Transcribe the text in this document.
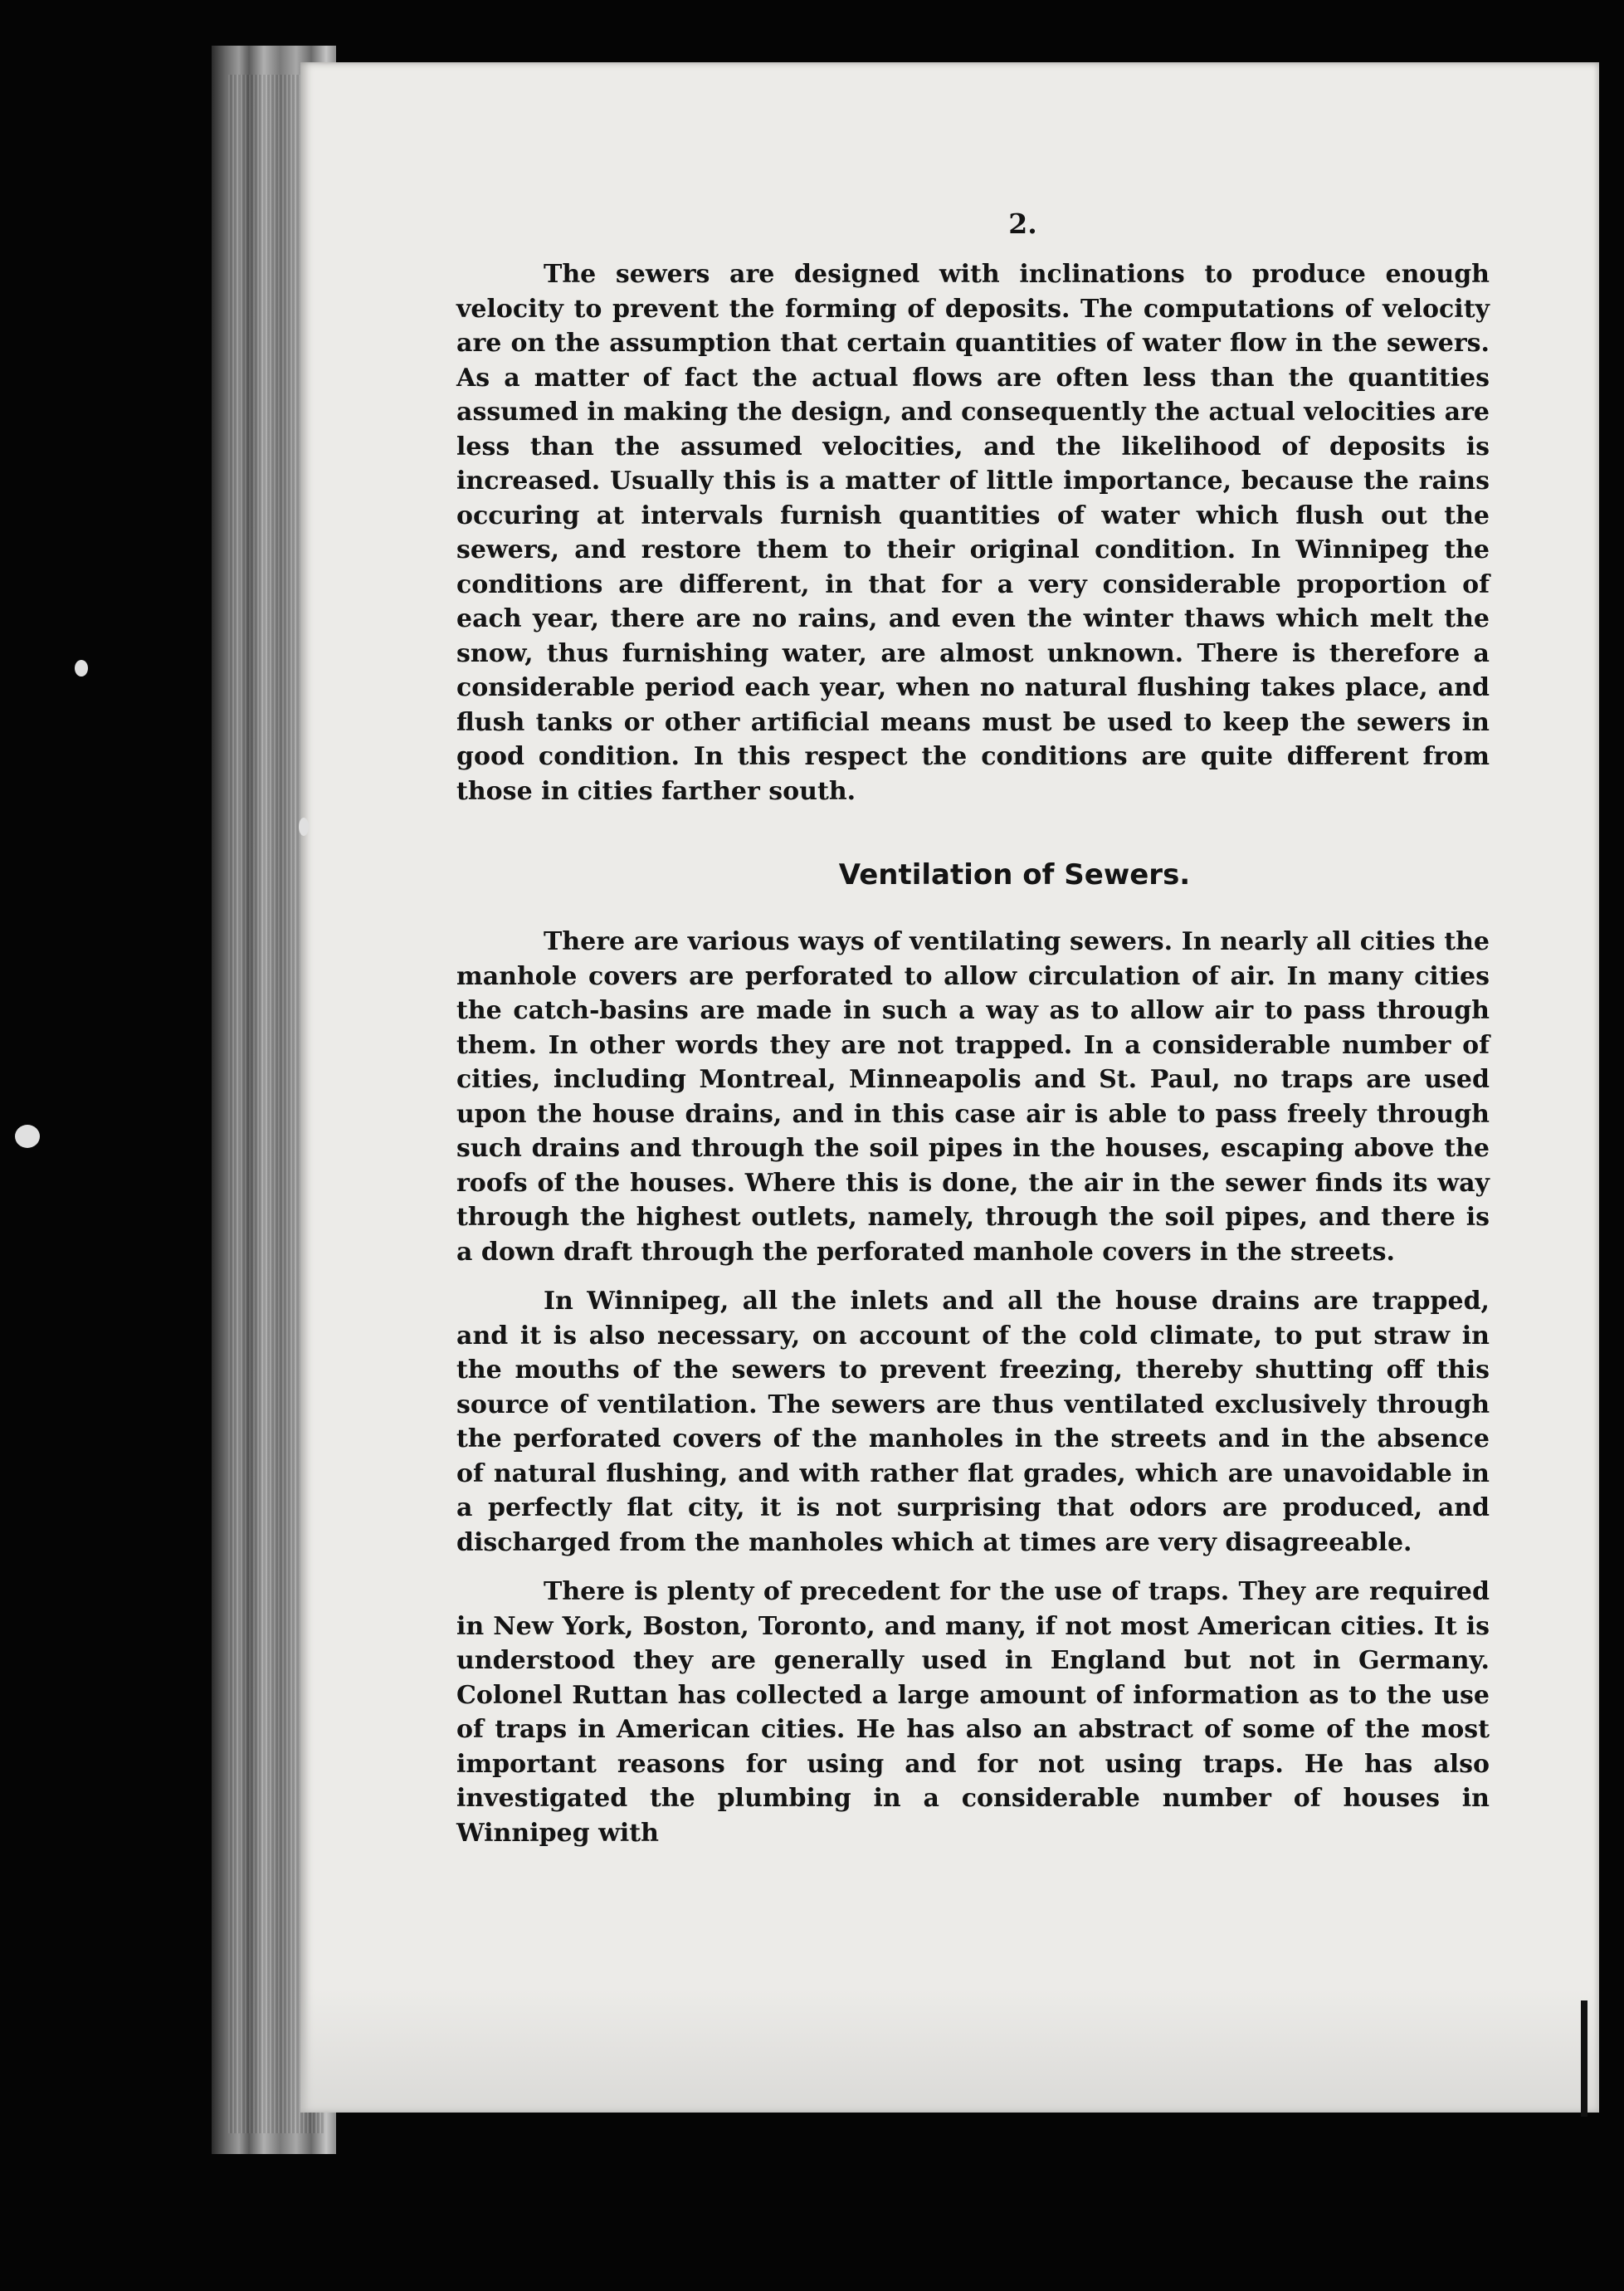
2.

The sewers are designed with inclinations to produce enough velocity to prevent the forming of deposits. The computations of velocity are on the assumption that certain quantities of water flow in the sewers. As a matter of fact the actual flows are often less than the quantities assumed in making the design, and consequently the actual velocities are less than the assumed velocities, and the likelihood of deposits is increased. Usually this is a matter of little importance, because the rains occuring at intervals furnish quantities of water which flush out the sewers, and restore them to their original condition. In Winnipeg the conditions are different, in that for a very considerable proportion of each year, there are no rains, and even the winter thaws which melt the snow, thus furnishing water, are almost unknown. There is therefore a considerable period each year, when no natural flushing takes place, and flush tanks or other artificial means must be used to keep the sewers in good condition. In this respect the conditions are quite different from those in cities farther south.

Ventilation of Sewers.

There are various ways of ventilating sewers. In nearly all cities the manhole covers are perforated to allow circulation of air. In many cities the catch-basins are made in such a way as to allow air to pass through them. In other words they are not trapped. In a considerable number of cities, including Montreal, Minneapolis and St. Paul, no traps are used upon the house drains, and in this case air is able to pass freely through such drains and through the soil pipes in the houses, escaping above the roofs of the houses. Where this is done, the air in the sewer finds its way through the highest outlets, namely, through the soil pipes, and there is a down draft through the perforated manhole covers in the streets.

In Winnipeg, all the inlets and all the house drains are trapped, and it is also necessary, on account of the cold climate, to put straw in the mouths of the sewers to prevent freezing, thereby shutting off this source of ventilation. The sewers are thus ventilated exclusively through the perforated covers of the manholes in the streets and in the absence of natural flushing, and with rather flat grades, which are unavoidable in a perfectly flat city, it is not surprising that odors are produced, and discharged from the manholes which at times are very disagreeable.

There is plenty of precedent for the use of traps. They are required in New York, Boston, Toronto, and many, if not most American cities. It is understood they are generally used in England but not in Germany. Colonel Ruttan has collected a large amount of information as to the use of traps in American cities. He has also an abstract of some of the most important reasons for using and for not using traps. He has also investigated the plumbing in a considerable number of houses in Winnipeg with
